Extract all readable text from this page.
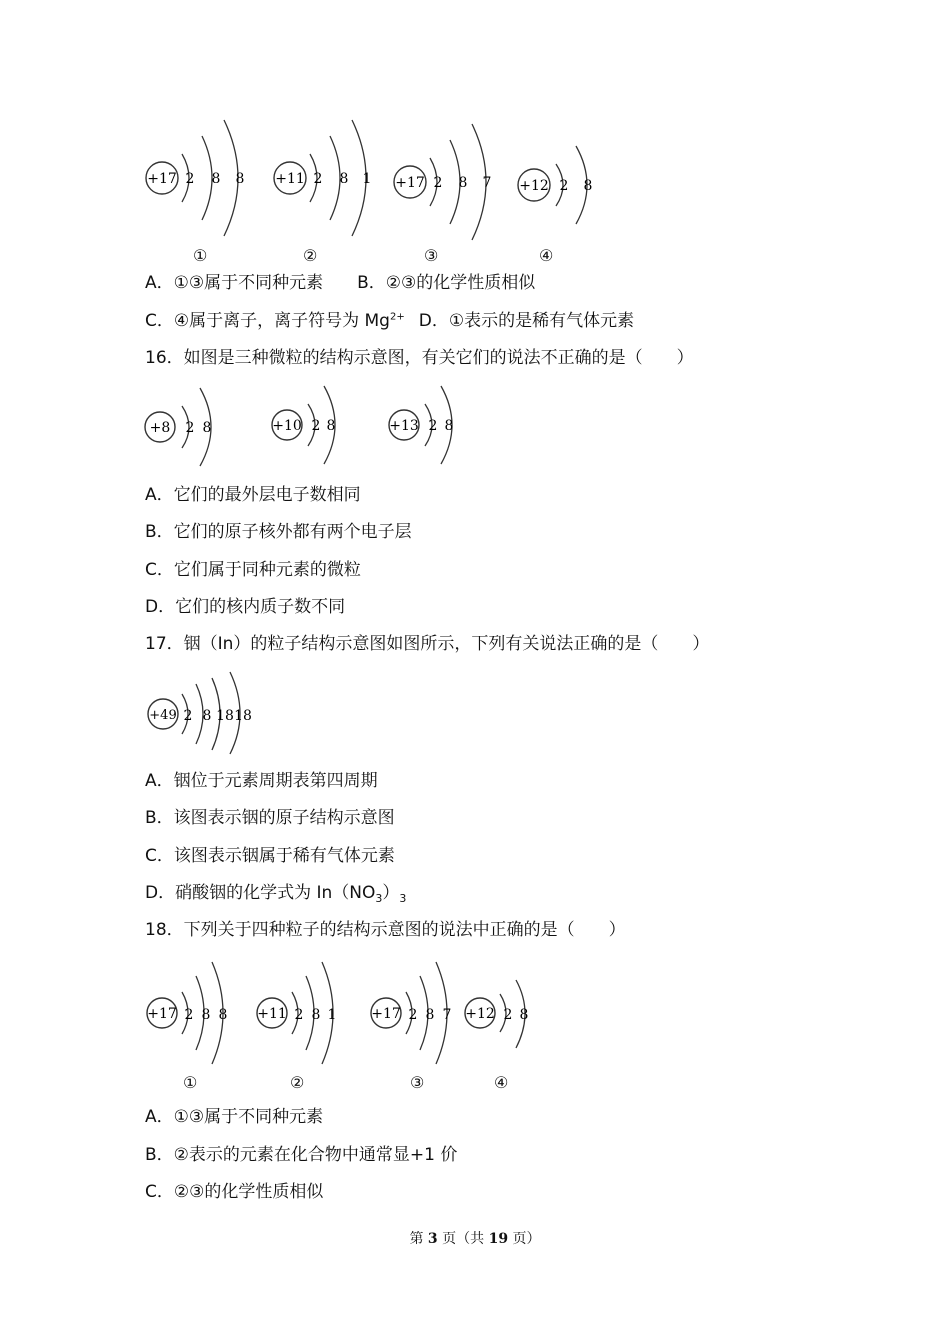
+17 2 8 8 +11 2 8 1 +17 2 8 7 +12 2 8
①	②	③	④
A．①③属于不同种元素 B．②③的化学性质相似
C．④属于离子，离子符号为 $Mg^{2+}$ D．①表示的是稀有气体元素
16．如图是三种微粒的结构示意图，有关它们的说法不正确的是（　　）
+8 2 8	+10 2 8	+13 2 8
A．它们的最外层电子数相同
B．它们的原子核外都有两个电子层
C．它们属于同种元素的微粒
D．它们的核内质子数不同
17．铟（In）的粒子结构示意图如图所示，下列有关说法正确的是（　　）
+49 2 8 18 18
A．铟位于元素周期表第四周期
B．该图表示铟的原子结构示意图
C．该图表示铟属于稀有气体元素
D．硝酸铟的化学式为 $In(NO_3)_3$
18．下列关于四种粒子的结构示意图的说法中正确的是（　　）
+17 2 8 8 +11 2 8 1 +17 2 8 7 +12 2 8
①	②	③	④
A．①③属于不同种元素
B．②表示的元素在化合物中通常显+1 价
C．②③的化学性质相似
第 3 页（共 19 页）
